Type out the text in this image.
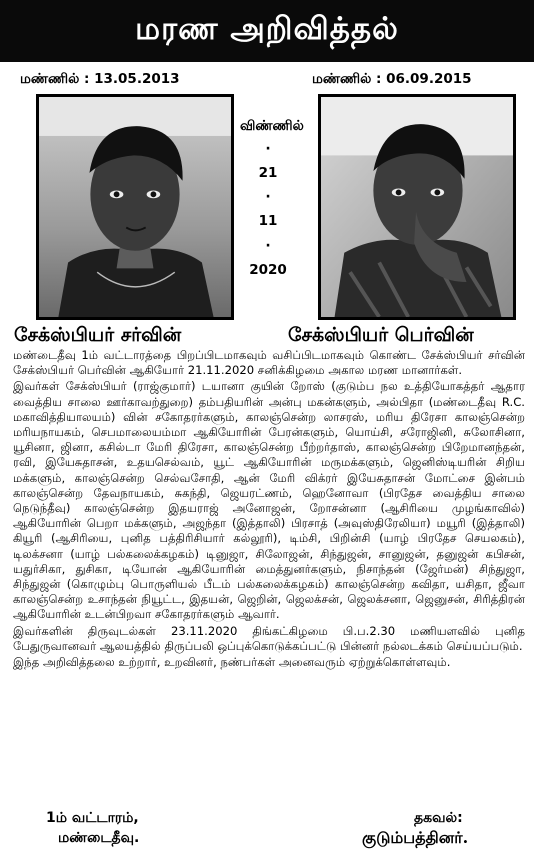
மரண அறிவித்தல்
மண்ணில் : 13.05.2013	மண்ணில் : 06.09.2015
விண்ணில்
·
21
·
11
·
2020
சேக்ஸ்பியர் சர்வின்	சேக்ஸ்பியர் பெர்வின்

மண்டைதீவு 1ம் வட்டாரத்தை பிறப்பிடமாகவும் வசிப்பிடமாகவும் கொண்ட சேக்ஸ்பியர் சர்வின் சேக்ஸ்பியர் பெர்வின் ஆகியோர் 21.11.2020 சனிக்கிழமை அகால மரண மானார்கள்.

இவர்கள் சேக்ஸ்பியர் (ராஜ்குமார்) டயானா குயின் றோஸ் (குடும்ப நல உத்தியோகத்தர் ஆதார வைத்திய சாலை ஊர்காவற்துறை) தம்பதியரின் அன்பு மகன்களும், அல்பிதா (மண்டைதீவு R.C. மகாவித்தியாலயம்) வின் சகோதரர்களும், காலஞ்சென்ற லாசரஸ், மரிய திரேசா காலஞ்சென்ற மரியநாயகம், செபமாலையம்மா ஆகியோரின் பேரன்களும், யொய்சி, சரோஜினி, சுலோசினா, யூசினா, ஜினா, கசில்டா மேரி திரேசா, காலஞ்சென்ற பீற்றர்தாஸ், காலஞ்சென்ற பிறேமானந்தன், ரவி, இயேசுதாசன், உதயசெல்வம், யூட் ஆகியோரின் மருமக்களும், ஜெனிஸ்டியரின் சிறிய மக்களும், காலஞ்சென்ற செல்வசோதி, ஆன் மேரி விக்ரர் இயேசுதாசன் மோட்சை இன்பம் காலஞ்சென்ற தேவநாயகம், சுகந்தி, ஜெயரட்ணம், ஹெனோவா (பிரதேச வைத்திய சாலை நெடுந்தீவு) காலஞ்சென்ற இதயராஜ் அனோஜன், றோசன்னா (ஆசிரியை முழங்காவில்) ஆகியோரின் பெறா மக்களும், அஜந்தா (இத்தாலி) பிரசாத் (அவுஸ்திரேலியா) மயூரி (இத்தாலி) கியூரி (ஆசிரியை, புனித பத்திரிசியார் கல்லூரி), டிம்சி, பிறின்சி (யாழ் பிரதேச செயலகம்), டிலக்சனா (யாழ் பல்கலைக்கழகம்) டினுஜா, சிலோஜன், சிந்துஜன், சானுஜன், தனுஜன் கபிசன், யதுர்சிகா, துசிகா, டியோன் ஆகியோரின் மைத்துனர்களும், நிசாந்தன் (ஜேர்மன்) சிந்துஜா, சிந்துஜன் (கொழும்பு பொருளியல் பீடம் பல்கலைக்கழகம்) காலஞ்சென்ற கவிதா, யசிதா, ஜீவா காலஞ்சென்ற உசாந்தன் நியூட்ட, இதயன், ஜெறின், ஜெலக்சன், ஜெலக்சனா, ஜெனுசன், சிரித்திரன் ஆகியோரின் உடன்பிறவா சகோதரர்களும் ஆவார்.

இவர்களின் திருவுடல்கள் 23.11.2020 திங்கட்கிழமை பி.ப.2.30 மணியளவில் புனித பேதுருவானவர் ஆலயத்தில் திருப்பலி ஒப்புக்கொடுக்கப்பட்டு பின்னர் நல்லடக்கம் செய்யப்படும்.

இந்த அறிவித்தலை உற்றார், உறவினர், நண்பர்கள் அனைவரும் ஏற்றுக்கொள்ளவும்.

1ம் வட்டாரம்,
மண்டைதீவு.
தகவல்:
குடும்பத்தினர்.
